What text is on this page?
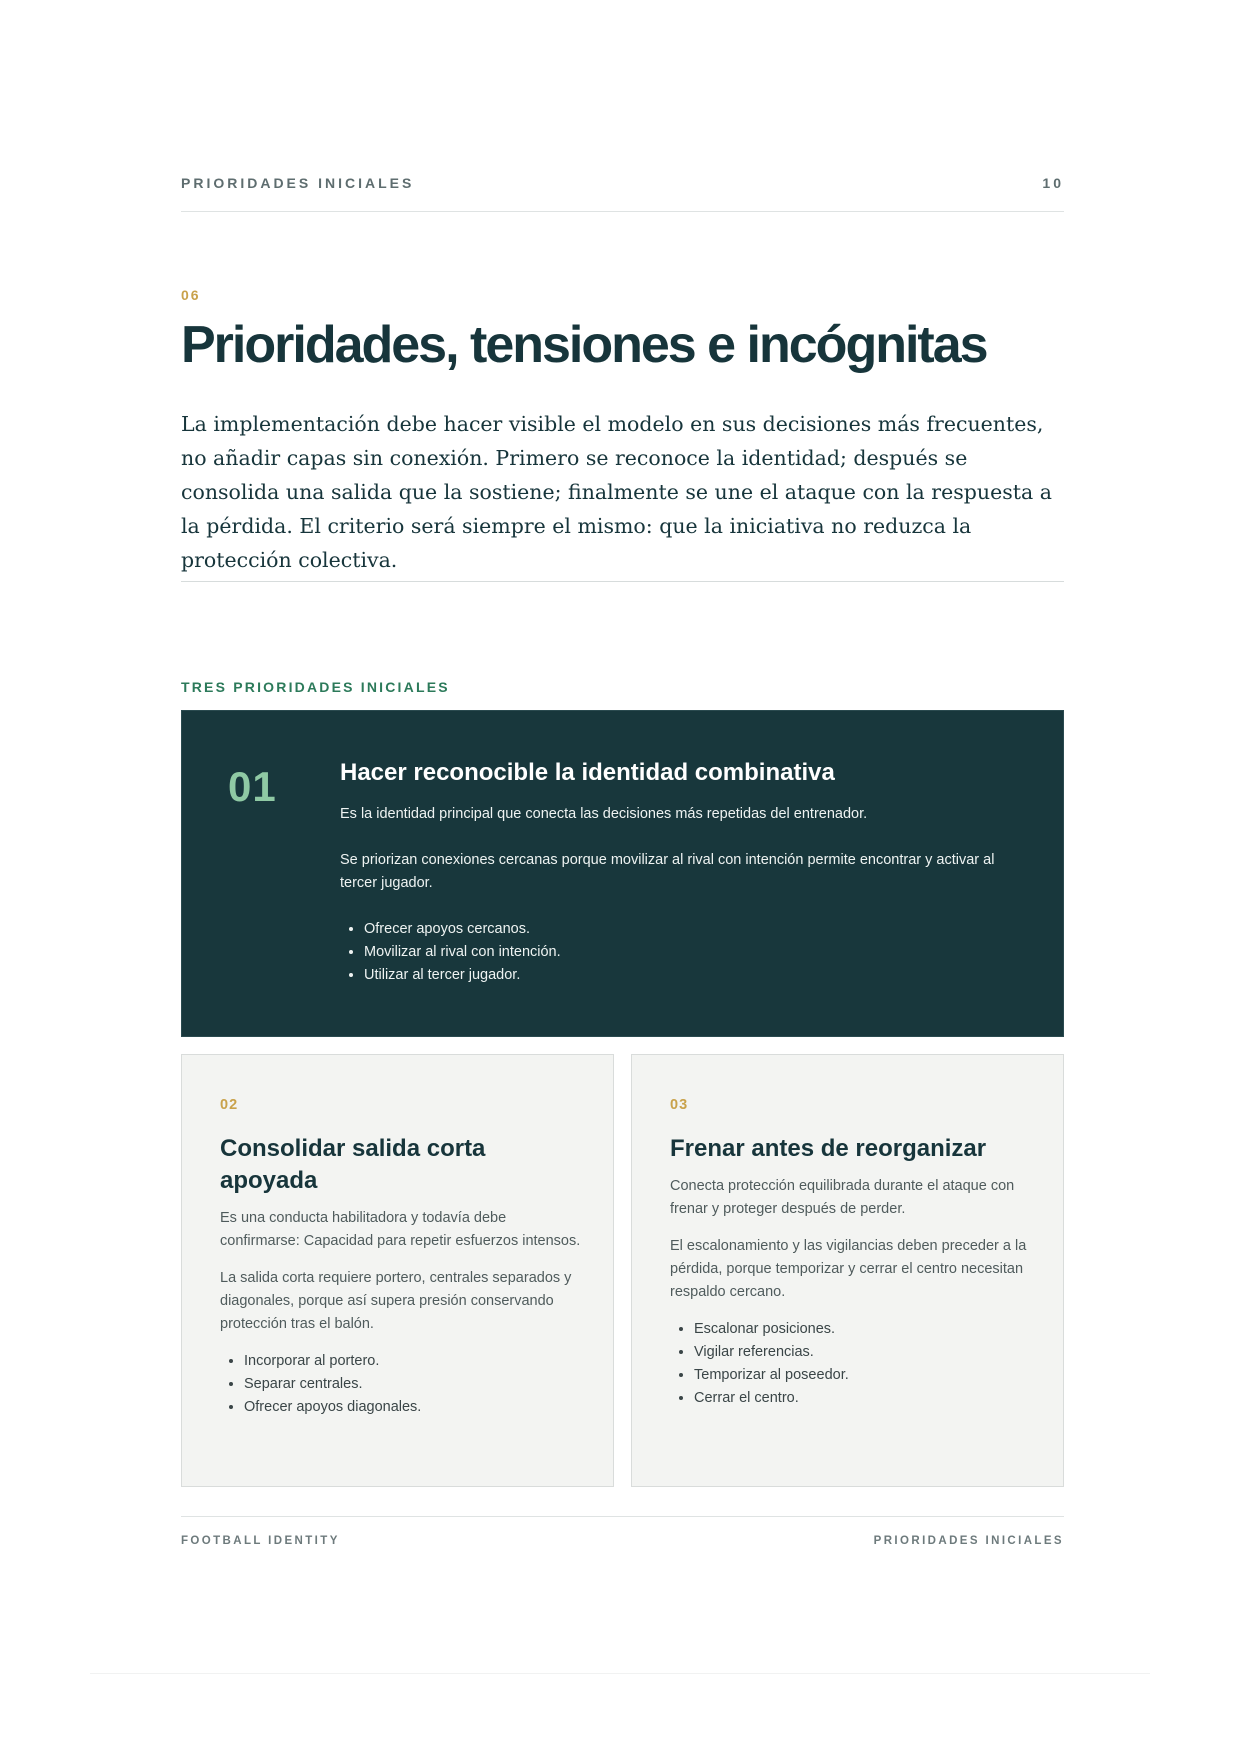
PRIORIDADES INICIALES	10
06
Prioridades, tensiones e incógnitas

La implementación debe hacer visible el modelo en sus decisiones más frecuentes, no añadir capas sin conexión. Primero se reconoce la identidad; después se consolida una salida que la sostiene; finalmente se une el ataque con la respuesta a la pérdida. El criterio será siempre el mismo: que la iniciativa no reduzca la protección colectiva.

TRES PRIORIDADES INICIALES
01	Hacer reconocible la identidad combinativa

Es la identidad principal que conecta las decisiones más repetidas del entrenador.

Se priorizan conexiones cercanas porque movilizar al rival con intención permite encontrar y activar al tercer jugador.

• Ofrecer apoyos cercanos.
• Movilizar al rival con intención.
• Utilizar al tercer jugador.
02
Consolidar salida corta apoyada

Es una conducta habilitadora y todavía debe confirmarse: Capacidad para repetir esfuerzos intensos.

La salida corta requiere portero, centrales separados y diagonales, porque así supera presión conservando protección tras el balón.

• Incorporar al portero.
• Separar centrales.
• Ofrecer apoyos diagonales.
03
Frenar antes de reorganizar

Conecta protección equilibrada durante el ataque con frenar y proteger después de perder.

El escalonamiento y las vigilancias deben preceder a la pérdida, porque temporizar y cerrar el centro necesitan respaldo cercano.

• Escalonar posiciones.
• Vigilar referencias.
• Temporizar al poseedor.
• Cerrar el centro.
FOOTBALL IDENTITY	PRIORIDADES INICIALES
